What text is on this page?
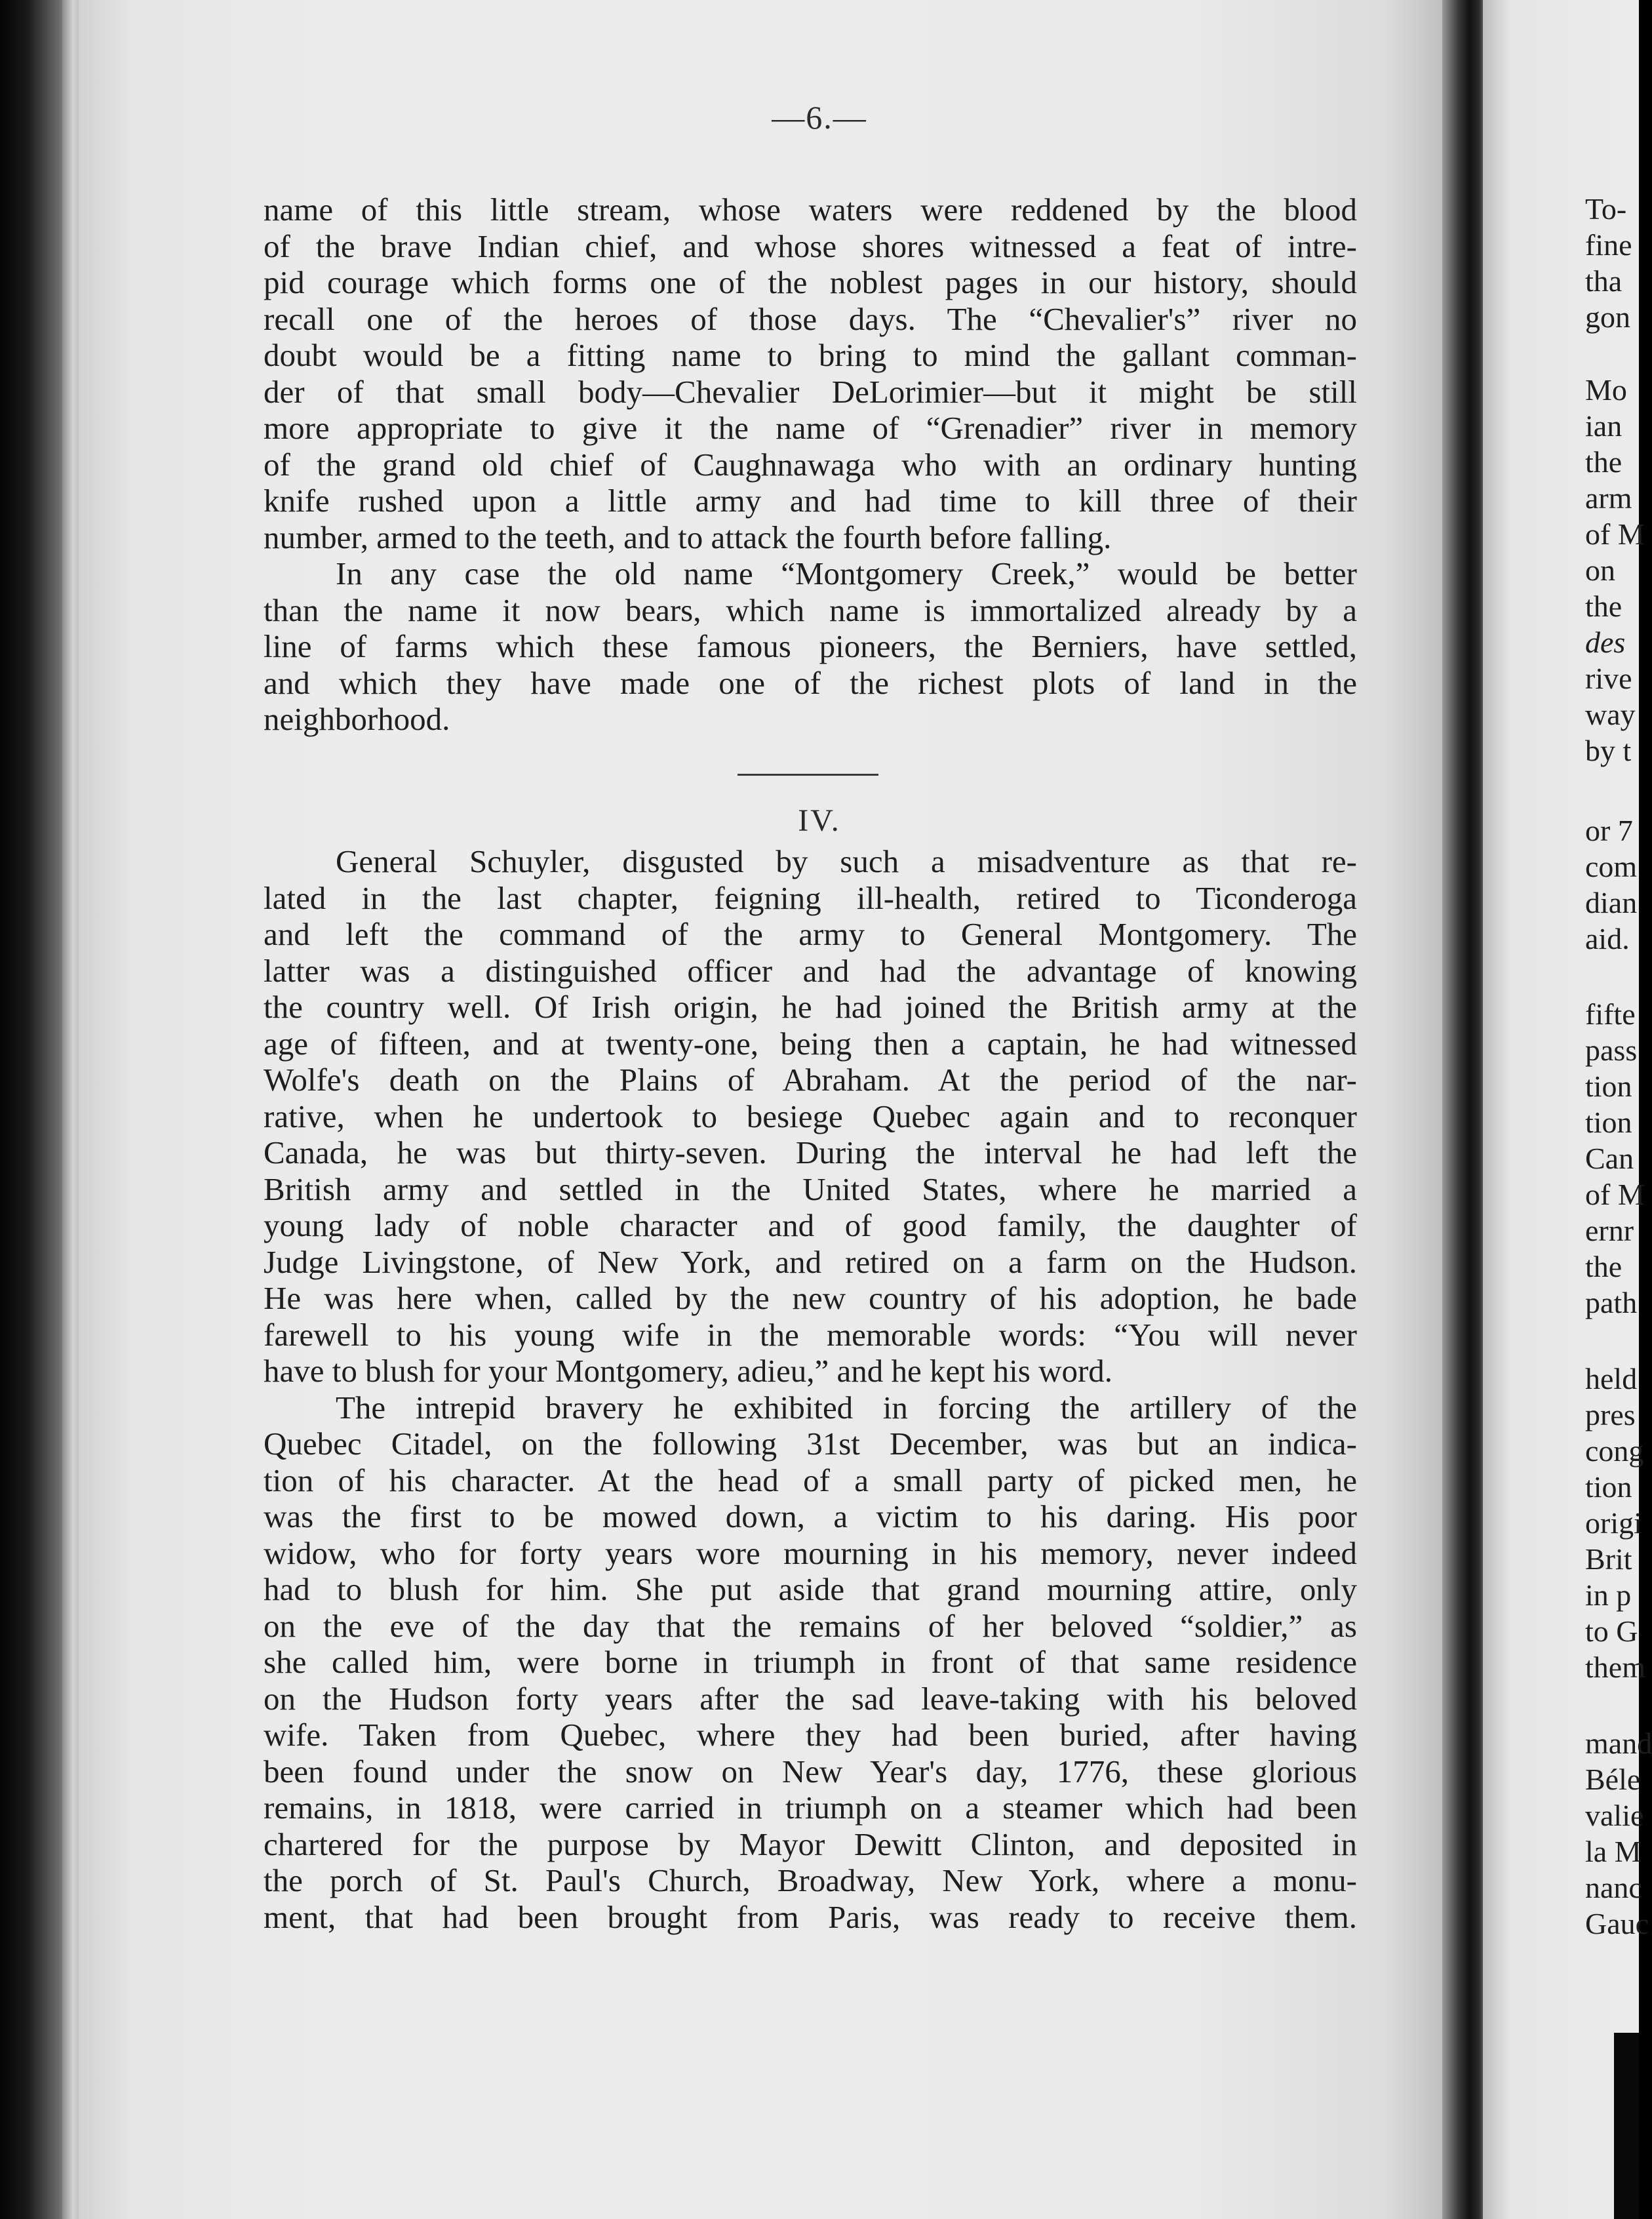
—6.—
name of this little stream, whose waters were reddened by the blood
of the brave Indian chief, and whose shores witnessed a feat of intre-
pid courage which forms one of the noblest pages in our history, should
recall one of the heroes of those days. The “Chevalier's” river no
doubt would be a fitting name to bring to mind the gallant comman-
der of that small body—Chevalier DeLorimier—but it might be still
more appropriate to give it the name of “Grenadier” river in memory
of the grand old chief of Caughnawaga who with an ordinary hunting
knife rushed upon a little army and had time to kill three of their
number, armed to the teeth, and to attack the fourth before falling.
In any case the old name “Montgomery Creek,” would be better
than the name it now bears, which name is immortalized already by a
line of farms which these famous pioneers, the Berniers, have settled,
and which they have made one of the richest plots of land in the
neighborhood.
IV.
General Schuyler, disgusted by such a misadventure as that re-
lated in the last chapter, feigning ill-health, retired to Ticonderoga
and left the command of the army to General Montgomery. The
latter was a distinguished officer and had the advantage of knowing
the country well. Of Irish origin, he had joined the British army at the
age of fifteen, and at twenty-one, being then a captain, he had witnessed
Wolfe's death on the Plains of Abraham. At the period of the nar-
rative, when he undertook to besiege Quebec again and to reconquer
Canada, he was but thirty-seven. During the interval he had left the
British army and settled in the United States, where he married a
young lady of noble character and of good family, the daughter of
Judge Livingstone, of New York, and retired on a farm on the Hudson.
He was here when, called by the new country of his adoption, he bade
farewell to his young wife in the memorable words: “You will never
have to blush for your Montgomery, adieu,” and he kept his word.
The intrepid bravery he exhibited in forcing the artillery of the
Quebec Citadel, on the following 31st December, was but an indica-
tion of his character. At the head of a small party of picked men, he
was the first to be mowed down, a victim to his daring. His poor
widow, who for forty years wore mourning in his memory, never indeed
had to blush for him. She put aside that grand mourning attire, only
on the eve of the day that the remains of her beloved “soldier,” as
she called him, were borne in triumph in front of that same residence
on the Hudson forty years after the sad leave-taking with his beloved
wife. Taken from Quebec, where they had been buried, after having
been found under the snow on New Year's day, 1776, these glorious
remains, in 1818, were carried in triumph on a steamer which had been
chartered for the purpose by Mayor Dewitt Clinton, and deposited in
the porch of St. Paul's Church, Broadway, New York, where a monu-
ment, that had been brought from Paris, was ready to receive them.
To-
fine
tha
gon
Mo
ian
the
arm
of M
on
the
des
rive
way
by t
or 7
com
dian
aid.
fifte
pass
tion
tion
Can
of M
ernr
the
path
held
pres
cong
tion
origi
Brit
in p
to G
them
mand
Béle
valie
la M
nanc
Gauc
